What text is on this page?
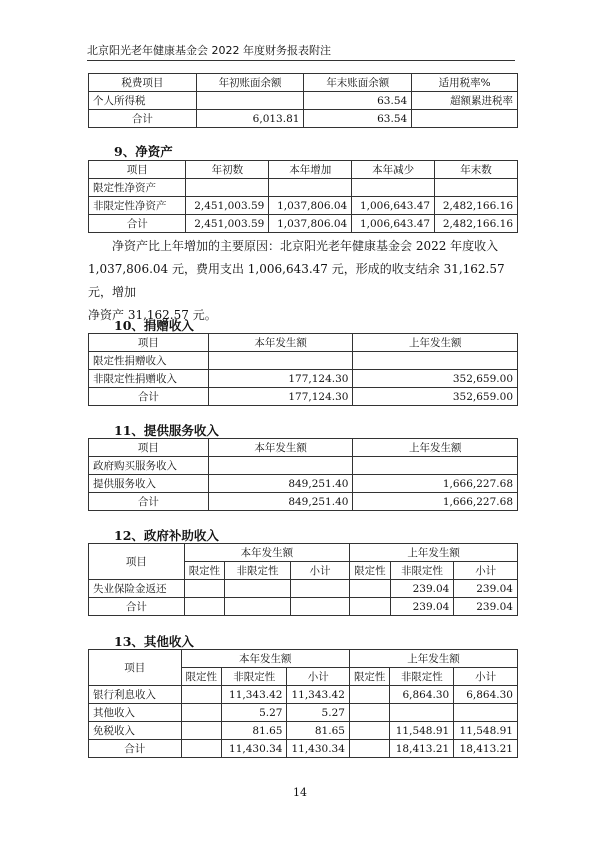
北京阳光老年健康基金会 2022 年度财务报表附注
税费项目	年初账面余额	年末账面余额	适用税率%
个人所得税		63.54	超额累进税率
合计	6,013.81	63.54	
9、净资产
项目	年初数	本年增加	本年减少	年末数
限定性净资产				
非限定性净资产	2,451,003.59	1,037,806.04	1,006,643.47	2,482,166.16
合计	2,451,003.59	1,037,806.04	1,006,643.47	2,482,166.16

净资产比上年增加的主要原因：北京阳光老年健康基金会 2022 年度收入

1,037,806.04 元，费用支出 1,006,643.47 元，形成的收支结余 31,162.57 元，增加

净资产 31,162.57 元。

10、捐赠收入
项目	本年发生额	上年发生额
限定性捐赠收入		
非限定性捐赠收入	177,124.30	352,659.00
合计	177,124.30	352,659.00
11、提供服务收入
项目	本年发生额	上年发生额
政府购买服务收入		
提供服务收入	849,251.40	1,666,227.68
合计	849,251.40	1,666,227.68
12、政府补助收入
项目	本年发生额			上年发生额		
	限定性	非限定性	小计	限定性	非限定性	小计
失业保险金返还					239.04	239.04
合计					239.04	239.04
13、其他收入
项目	本年发生额			上年发生额		
	限定性	非限定性	小计	限定性	非限定性	小计
银行利息收入		11,343.42	11,343.42		6,864.30	6,864.30
其他收入		5.27	5.27			
免税收入		81.65	81.65		11,548.91	11,548.91
合计		11,430.34	11,430.34		18,413.21	18,413.21
14
